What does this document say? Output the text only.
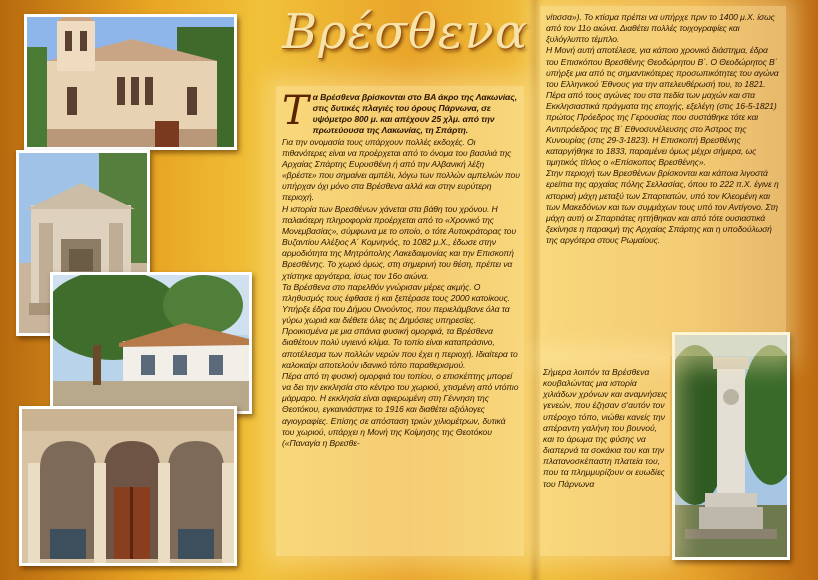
Βρέσθενα

Τα Βρέσθενα βρίσκονται στο ΒΑ άκρο της Λακωνίας, στις δυτικές πλαγιές του όρους Πάρνωνα, σε υψόμετρο 800 μ. και απέχουν 25 χλμ. από την πρωτεύουσα της Λακωνίας, τη Σπάρτη.

Για την ονομασία τους υπάρχουν πολλές εκδοχές. Οι πιθανότερες είναι να προέρχεται από το όνομα του βασιλιά της Αρχαίας Σπάρτης Ευρυσθένη ή από την Αλβανική λέξη «βρέστε» που σημαίνει αμπέλι, λόγω των πολλών αμπελιών που υπήρχαν όχι μόνο στα Βρέσθενα αλλά και στην ευρύτερη περιοχή.

Η ιστορία των Βρεσθένων χάνεται στα βάθη του χρόνου. Η παλαιότερη πληροφορία προέρχεται από το «Χρονικό της Μονεμβασίας», σύμφωνα με το οποίο, ο τότε Αυτοκράτορας του Βυζαντίου Αλέξιος Α΄ Κομνηνός, το 1082 μ.Χ., έδωσε στην αρμοδιότητα της Μητρόπολης Λακεδαιμονίας και την Επισκοπή Βρεσθένης. Το χωριό όμως, στη σημερινή του θέση, πρέπει να χτίστηκε αργότερα, ίσως τον 16ο αιώνα.

Τα Βρέσθενα στο παρελθόν γνώρισαν μέρες ακμής. Ο πληθυσμός τους έφθασε ή και ξεπέρασε τους 2000 κατοίκους. Υπήρξε έδρα του Δήμου Οινούντος, που περιελάμβανε όλα τα γύρω χωριά και διέθετε όλες τις Δημόσιες υπηρεσίες.

Προικισμένα με μια σπάνια φυσική ομορφιά, τα Βρέσθενα διαθέτουν πολύ υγιεινό κλίμα. Το τοπίο είναι καταπράσινο, αποτέλεσμα των πολλών νερών που έχει η περιοχή. Ιδιαίτερα το καλοκαίρι αποτελούν ιδανικό τόπο παραθερισμού.

Πέρα από τη φυσική ομορφιά του τοπίου, ο επισκέπτης μπορεί να δει την εκκλησία στο κέντρο του χωριού, χτισμένη από ντόπιο μάρμαρο. Η εκκλησία είναι αφιερωμένη στη Γέννηση της Θεοτόκου, εγκαινιάστηκε το 1916 και διαθέτει αξιόλογες αγιογραφίες. Επίσης σε απόσταση τριών χιλιομέτρων, δυτικά του χωριού, υπάρχει η Μονή της Κοίμησης της Θεοτόκου («Παναγία η Βρεσθε-

νίτισσα»). Το κτίσμα πρέπει να υπήρχε πριν το 1400 μ.Χ. ίσως από τον 11ο αιώνα. Διαθέτει πολλές τοιχογραφίες και ξυλόγλυπτο τέμπλο.

Η Μονή αυτή αποτέλεσε, για κάποιο χρονικό διάστημα, έδρα του Επισκόπου Βρεσθένης Θεοδώρητου Β΄. Ο Θεοδώρητος Β΄ υπήρξε μια από τις σημαντικότερες προσωπικότητες του αγώνα του Ελληνικού Έθνους για την απελευθέρωσή του, το 1821. Πέρα από τους αγώνες του στα πεδία των μαχών και στα Εκκλησιαστικά πράγματα της εποχής, εξελέγη (στις 16-5-1821) πρώτος Πρόεδρος της Γερουσίας που συστάθηκε τότε και Αντιπρόεδρος της Β΄ Εθνοσυνέλευσης στο Άστρος της Κυνουρίας (στις 29-3-1823). Η Επισκοπή Βρεσθένης καταργήθηκε το 1833, παραμένει όμως μέχρι σήμερα, ως τιμητικός τίτλος ο «Επίσκοπος Βρεσθένης».

Στην περιοχή των Βρεσθένων βρίσκονται και κάποια λιγοστά ερείπια της αρχαίας πόλης Σελλασίας, όπου το 222 π.Χ. έγινε η ιστορική μάχη μεταξύ των Σπαρτιατών, υπό τον Κλεομένη και των Μακεδόνων και των συμμάχων τους υπό τον Αντίγονο. Στη μάχη αυτή οι Σπαρτιάτες ηττήθηκαν και από τότε ουσιαστικά ξεκίνησε η παρακμή της Αρχαίας Σπάρτης και η υποδούλωσή της αργότερα στους Ρωμαίους.

Σήμερα λοιπόν τα Βρέσθενα κουβαλώντας μια ιστορία χιλιάδων χρόνων και αναμνήσεις γενεών, που έζησαν σ'αυτόν τον υπέροχο τόπο, νιώθει κανείς την απέραντη γαλήνη του βουνού, και το άρωμα της φύσης να διαπερνά τα σοκάκια του και την πλατανοσκέπαστη πλατεία του, που τα πλημμυρίζουν οι ευωδίες του Πάρνωνα
